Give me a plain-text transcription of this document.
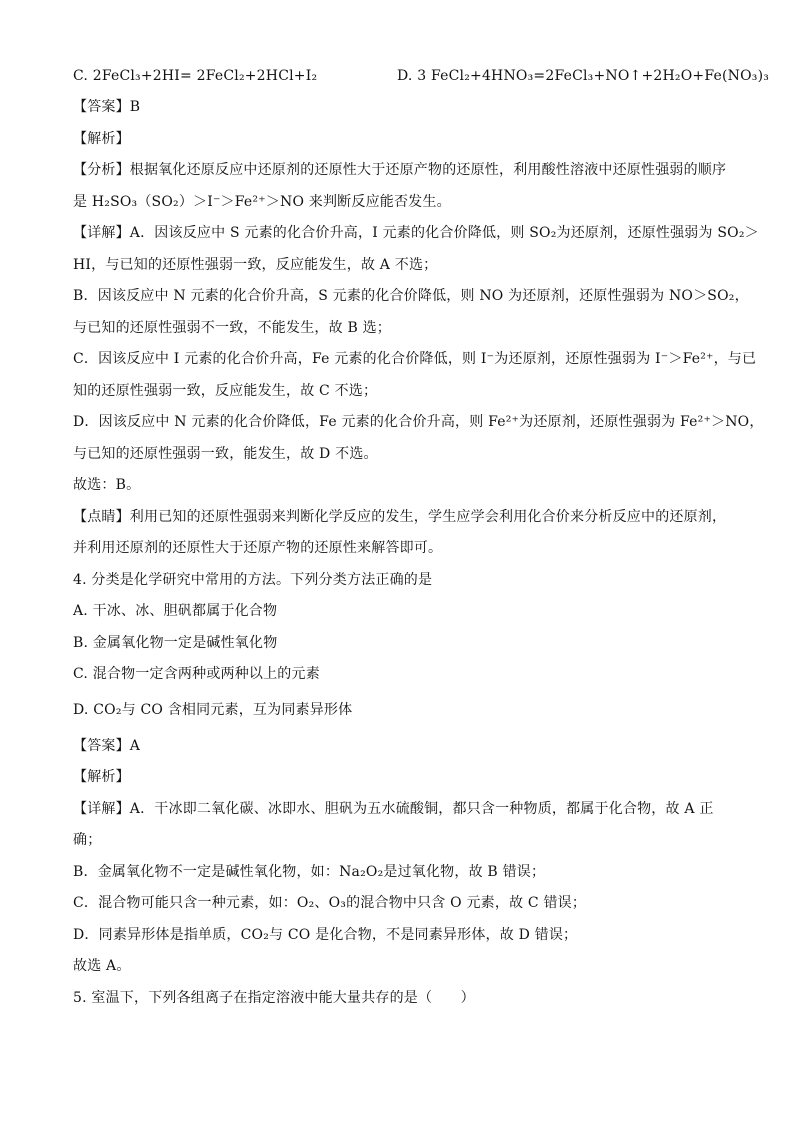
C. 2FeCl₃+2HI= 2FeCl₂+2HCl+I₂	D. 3 FeCl₂+4HNO₃=2FeCl₃+NO↑+2H₂O+Fe(NO₃)₃
【答案】B
【解析】
【分析】根据氧化还原反应中还原剂的还原性大于还原产物的还原性，利用酸性溶液中还原性强弱的顺序
是 H₂SO₃（SO₂）＞I⁻＞Fe²⁺＞NO 来判断反应能否发生。
【详解】A．因该反应中 S 元素的化合价升高，I 元素的化合价降低，则 SO₂为还原剂，还原性强弱为 SO₂＞
HI，与已知的还原性强弱一致，反应能发生，故 A 不选；
B．因该反应中 N 元素的化合价升高，S 元素的化合价降低，则 NO 为还原剂，还原性强弱为 NO＞SO₂，
与已知的还原性强弱不一致，不能发生，故 B 选；
C．因该反应中 I 元素的化合价升高，Fe 元素的化合价降低，则 I⁻为还原剂，还原性强弱为 I⁻＞Fe²⁺，与已
知的还原性强弱一致，反应能发生，故 C 不选；
D．因该反应中 N 元素的化合价降低，Fe 元素的化合价升高，则 Fe²⁺为还原剂，还原性强弱为 Fe²⁺＞NO，
与已知的还原性强弱一致，能发生，故 D 不选。
故选：B。
【点睛】利用已知的还原性强弱来判断化学反应的发生，学生应学会利用化合价来分析反应中的还原剂，
并利用还原剂的还原性大于还原产物的还原性来解答即可。
4. 分类是化学研究中常用的方法。下列分类方法正确的是
A. 干冰、冰、胆矾都属于化合物
B. 金属氧化物一定是碱性氧化物
C. 混合物一定含两种或两种以上的元素
D. CO₂与 CO 含相同元素，互为同素异形体
【答案】A
【解析】
【详解】A．干冰即二氧化碳、冰即水、胆矾为五水硫酸铜，都只含一种物质，都属于化合物，故 A 正
确；
B．金属氧化物不一定是碱性氧化物，如：Na₂O₂是过氧化物，故 B 错误；
C．混合物可能只含一种元素，如：O₂、O₃的混合物中只含 O 元素，故 C 错误；
D．同素异形体是指单质，CO₂与 CO 是化合物，不是同素异形体，故 D 错误；
故选 A。
5. 室温下，下列各组离子在指定溶液中能大量共存的是（　　）
